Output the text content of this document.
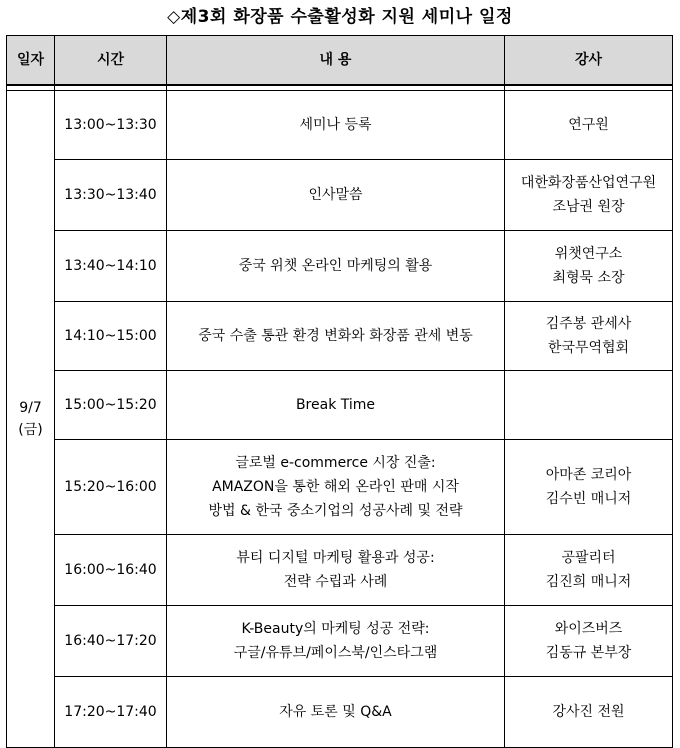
◇제3회 화장품 수출활성화 지원 세미나 일정
일자	시간	내 용	강사

9/7
(금)	13:00~13:30	세미나 등록	연구원

	13:30~13:40	인사말씀	대한화장품산업연구원
조남권 원장

	13:40~14:10	중국 위챗 온라인 마케팅의 활용	위챗연구소
최형묵 소장

	14:10~15:00	중국 수출 통관 환경 변화와 화장품 관세 변동	김주봉 관세사
한국무역협회

	15:00~15:20	Break Time	

	15:20~16:00	글로벌 e-commerce 시장 진출:
AMAZON을 통한 해외 온라인 판매 시작
방법 & 한국 중소기업의 성공사례 및 전략	아마존 코리아
김수빈 매니저

	16:00~16:40	뷰티 디지털 마케팅 활용과 성공:
전략 수립과 사례	공팔리터
김진희 매니저

	16:40~17:20	K-Beauty의 마케팅 성공 전략:
구글/유튜브/페이스북/인스타그램	와이즈버즈
김동규 본부장

	17:20~17:40	자유 토론 및 Q&A	강사진 전원
